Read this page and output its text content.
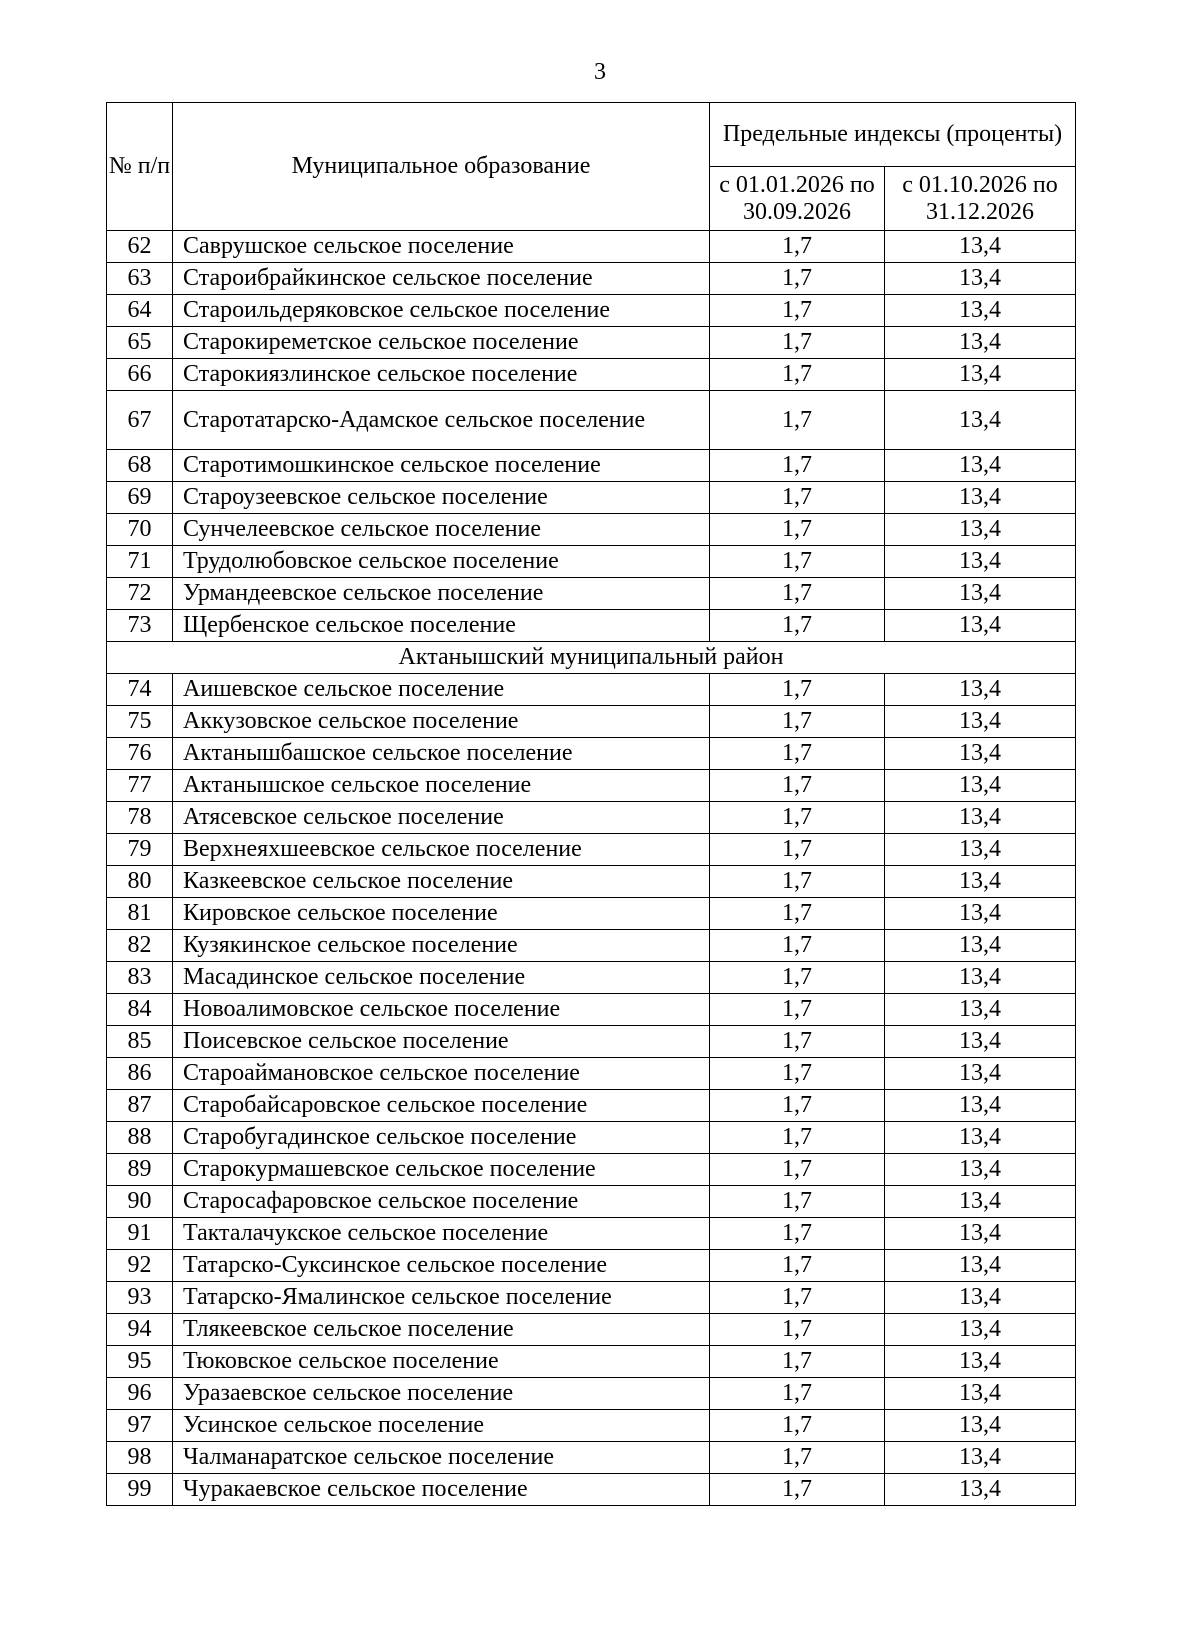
3
№ п/п	Муниципальное образование	Предельные индексы (проценты)	
		с 01.01.2026 по 30.09.2026	с 01.10.2026 по 31.12.2026
62	Саврушское сельское поселение	1,7	13,4
63	Староибрайкинское сельское поселение	1,7	13,4
64	Староильдеряковское сельское поселение	1,7	13,4
65	Старокиреметское сельское поселение	1,7	13,4
66	Старокиязлинское сельское поселение	1,7	13,4
67	Старотатарско-Адамское сельское поселение	1,7	13,4
68	Старотимошкинское сельское поселение	1,7	13,4
69	Староузеевское сельское поселение	1,7	13,4
70	Сунчелеевское сельское поселение	1,7	13,4
71	Трудолюбовское сельское поселение	1,7	13,4
72	Урмандеевское сельское поселение	1,7	13,4
73	Щербенское сельское поселение	1,7	13,4
Актанышский муниципальный район			
74	Аишевское сельское поселение	1,7	13,4
75	Аккузовское сельское поселение	1,7	13,4
76	Актанышбашское сельское поселение	1,7	13,4
77	Актанышское сельское поселение	1,7	13,4
78	Атясевское сельское поселение	1,7	13,4
79	Верхнеяхшеевское сельское поселение	1,7	13,4
80	Казкеевское сельское поселение	1,7	13,4
81	Кировское сельское поселение	1,7	13,4
82	Кузякинское сельское поселение	1,7	13,4
83	Масадинское сельское поселение	1,7	13,4
84	Новоалимовское сельское поселение	1,7	13,4
85	Поисевское сельское поселение	1,7	13,4
86	Староаймановское сельское поселение	1,7	13,4
87	Старобайсаровское сельское поселение	1,7	13,4
88	Старобугадинское сельское поселение	1,7	13,4
89	Старокурмашевское сельское поселение	1,7	13,4
90	Старосафаровское сельское поселение	1,7	13,4
91	Такталачукское сельское поселение	1,7	13,4
92	Татарско-Суксинское сельское поселение	1,7	13,4
93	Татарско-Ямалинское сельское поселение	1,7	13,4
94	Тлякеевское сельское поселение	1,7	13,4
95	Тюковское сельское поселение	1,7	13,4
96	Уразаевское сельское поселение	1,7	13,4
97	Усинское сельское поселение	1,7	13,4
98	Чалманаратское сельское поселение	1,7	13,4
99	Чуракаевское сельское поселение	1,7	13,4
